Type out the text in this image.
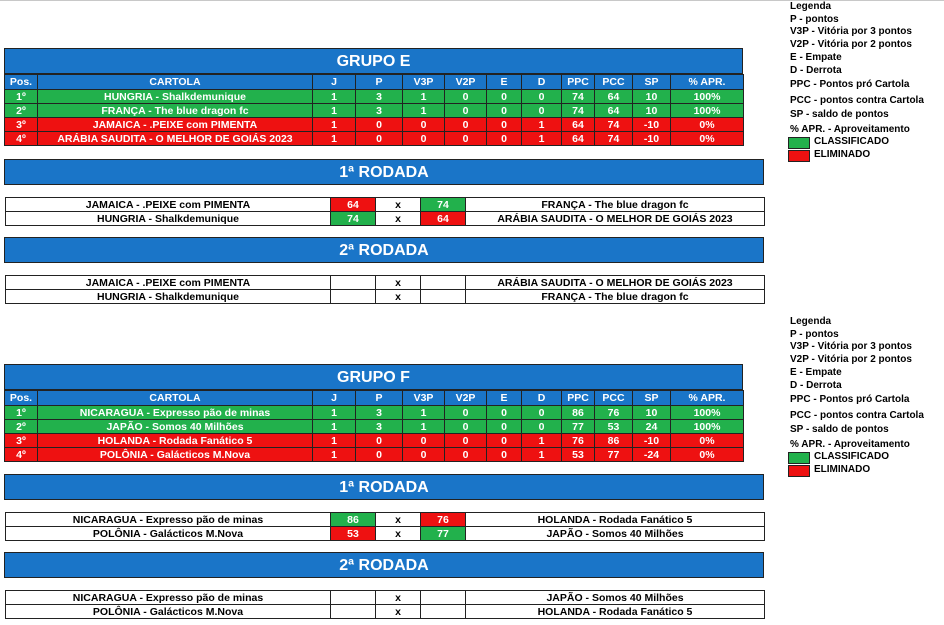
GRUPO E
Pos.	CARTOLA	J	P	V3P	V2P	E	D	PPC	PCC	SP	% APR.
1º	HUNGRIA - Shalkdemunique	1	3	1	0	0	0	74	64	10	100%
2º	FRANÇA - The blue dragon fc	1	3	1	0	0	0	74	64	10	100%
3º	JAMAICA - .PEIXE com PIMENTA	1	0	0	0	0	1	64	74	-10	0%
4º	ARÁBIA SAUDITA - O MELHOR DE GOIÁS 2023	1	0	0	0	0	1	64	74	-10	0%
1ª RODADA
JAMAICA - .PEIXE com PIMENTA	64	x	74	FRANÇA - The blue dragon fc
HUNGRIA - Shalkdemunique	74	x	64	ARÁBIA SAUDITA - O MELHOR DE GOIÁS 2023
2ª RODADA
JAMAICA - .PEIXE com PIMENTA		x		ARÁBIA SAUDITA - O MELHOR DE GOIÁS 2023
HUNGRIA - Shalkdemunique		x		FRANÇA - The blue dragon fc
Legenda
P - pontos
V3P - Vitória por 3 pontos
V2P - Vitória por 2 pontos
E - Empate
D - Derrota
PPC - Pontos pró Cartola
PCC - pontos contra Cartola
SP - saldo de pontos
% APR. - Aproveitamento
CLASSIFICADO
ELIMINADO
GRUPO F
Pos.	CARTOLA	J	P	V3P	V2P	E	D	PPC	PCC	SP	% APR.
1º	NICARAGUA - Expresso pão de minas	1	3	1	0	0	0	86	76	10	100%
2º	JAPÃO - Somos 40 Milhões	1	3	1	0	0	0	77	53	24	100%
3º	HOLANDA - Rodada Fanático 5	1	0	0	0	0	1	76	86	-10	0%
4º	POLÔNIA - Galácticos M.Nova	1	0	0	0	0	1	53	77	-24	0%
1ª RODADA
NICARAGUA - Expresso pão de minas	86	x	76	HOLANDA - Rodada Fanático 5
POLÔNIA - Galácticos M.Nova	53	x	77	JAPÃO - Somos 40 Milhões
2ª RODADA
NICARAGUA - Expresso pão de minas		x		JAPÃO - Somos 40 Milhões
POLÔNIA - Galácticos M.Nova		x		HOLANDA - Rodada Fanático 5
Legenda
P - pontos
V3P - Vitória por 3 pontos
V2P - Vitória por 2 pontos
E - Empate
D - Derrota
PPC - Pontos pró Cartola
PCC - pontos contra Cartola
SP - saldo de pontos
% APR. - Aproveitamento
CLASSIFICADO
ELIMINADO
